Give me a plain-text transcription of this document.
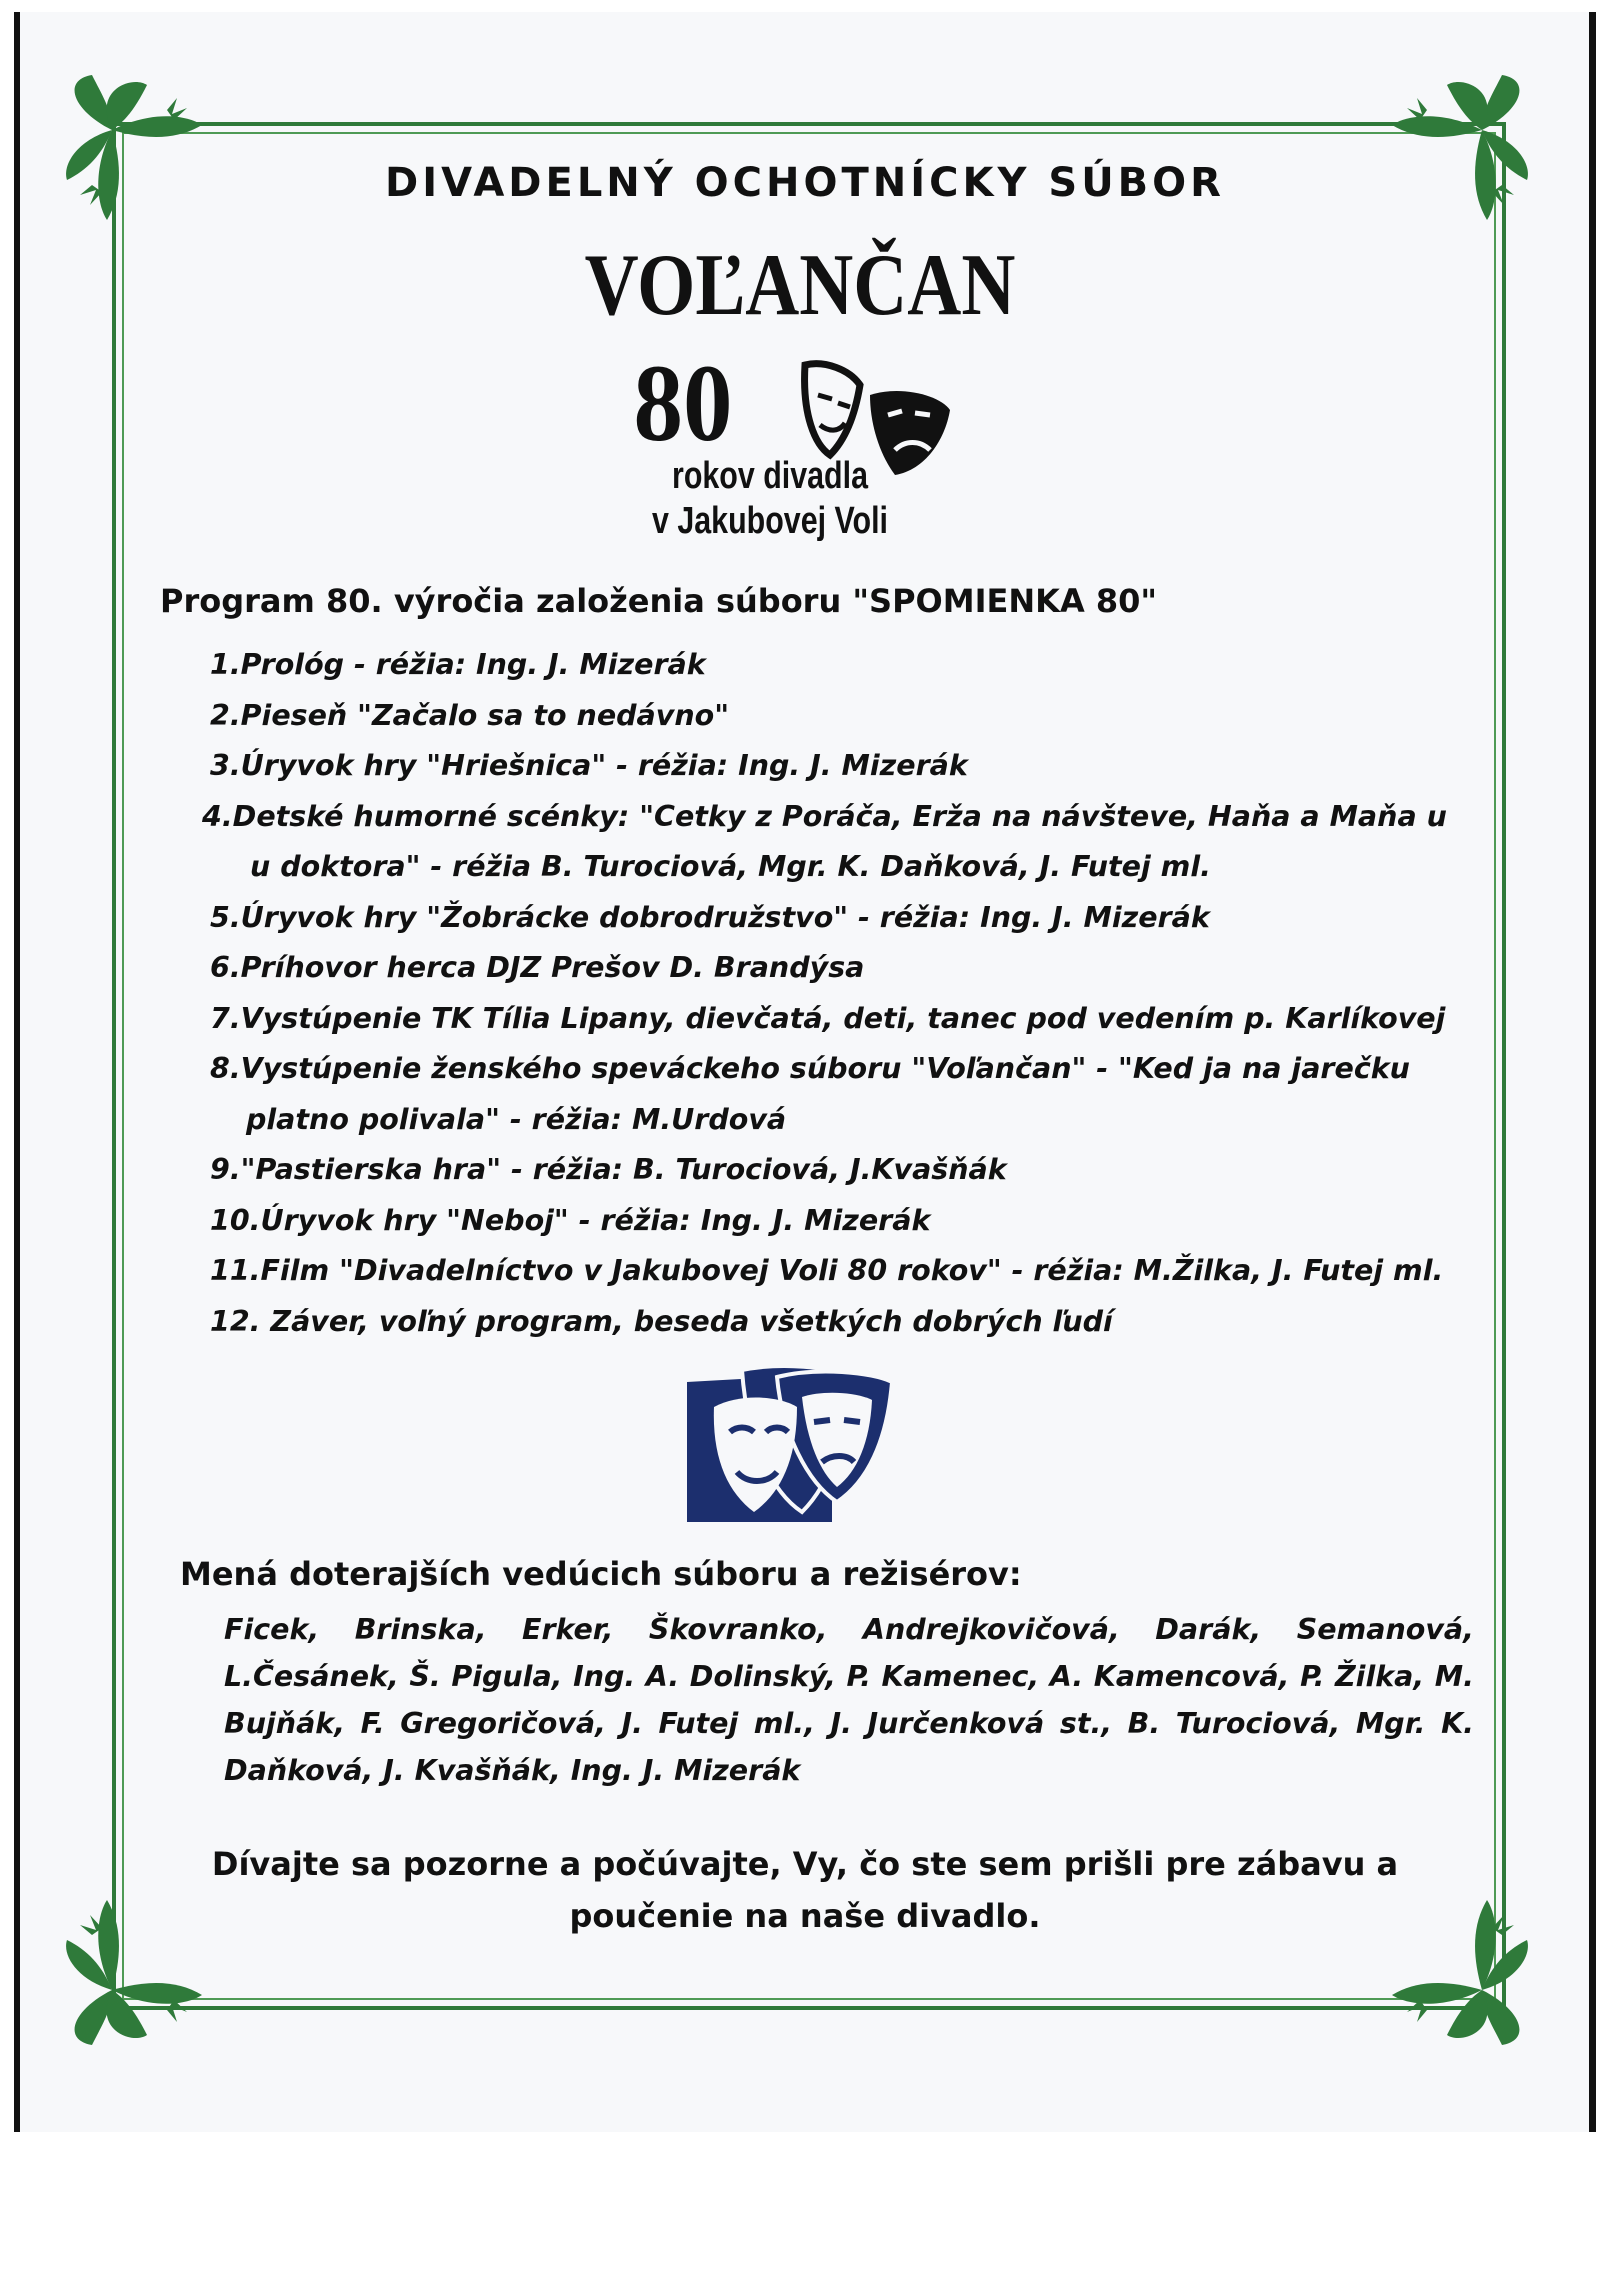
DIVADELNÝ OCHOTNÍCKY SÚBOR
VOĽANČAN
80
rokov divadla
v Jakubovej Voli
Program 80. výročia založenia súboru "SPOMIENKA 80"
1.Prológ - réžia: Ing. J. Mizerák
2.Pieseň "Začalo sa to nedávno"
3.Úryvok hry "Hriešnica" - réžia: Ing. J. Mizerák
4.Detské humorné scénky: "Cetky z Poráča, Erža na návšteve, Haňa a Maňa u
u doktora" - réžia B. Turociová, Mgr. K. Daňková, J. Futej ml.
5.Úryvok hry "Žobrácke dobrodružstvo" - réžia: Ing. J. Mizerák
6.Príhovor herca DJZ Prešov D. Brandýsa
7.Vystúpenie TK Tília Lipany, dievčatá, deti, tanec pod vedením p. Karlíkovej
8.Vystúpenie ženského speváckeho súboru "Voľančan" - "Ked ja na jarečku
platno polivala" - réžia: M.Urdová
9."Pastierska hra" - réžia: B. Turociová, J.Kvašňák
10.Úryvok hry "Neboj" - réžia: Ing. J. Mizerák
11.Film "Divadelníctvo v Jakubovej Voli 80 rokov" - réžia: M.Žilka, J. Futej ml.
12. Záver, voľný program, beseda všetkých dobrých ľudí
Mená doterajších vedúcich súboru a režisérov:
Ficek, Brinska, Erker, Škovranko, Andrejkovičová, Darák, Semanová, L.Česánek, Š. Pigula, Ing. A. Dolinský, P. Kamenec, A. Kamencová, P. Žilka, M. Bujňák, F. Gregoričová, J. Futej ml., J. Jurčenková st., B. Turociová, Mgr. K. Daňková, J. Kvašňák, Ing. J. Mizerák
Dívajte sa pozorne a počúvajte, Vy, čo ste sem prišli pre zábavu a
poučenie na naše divadlo.
